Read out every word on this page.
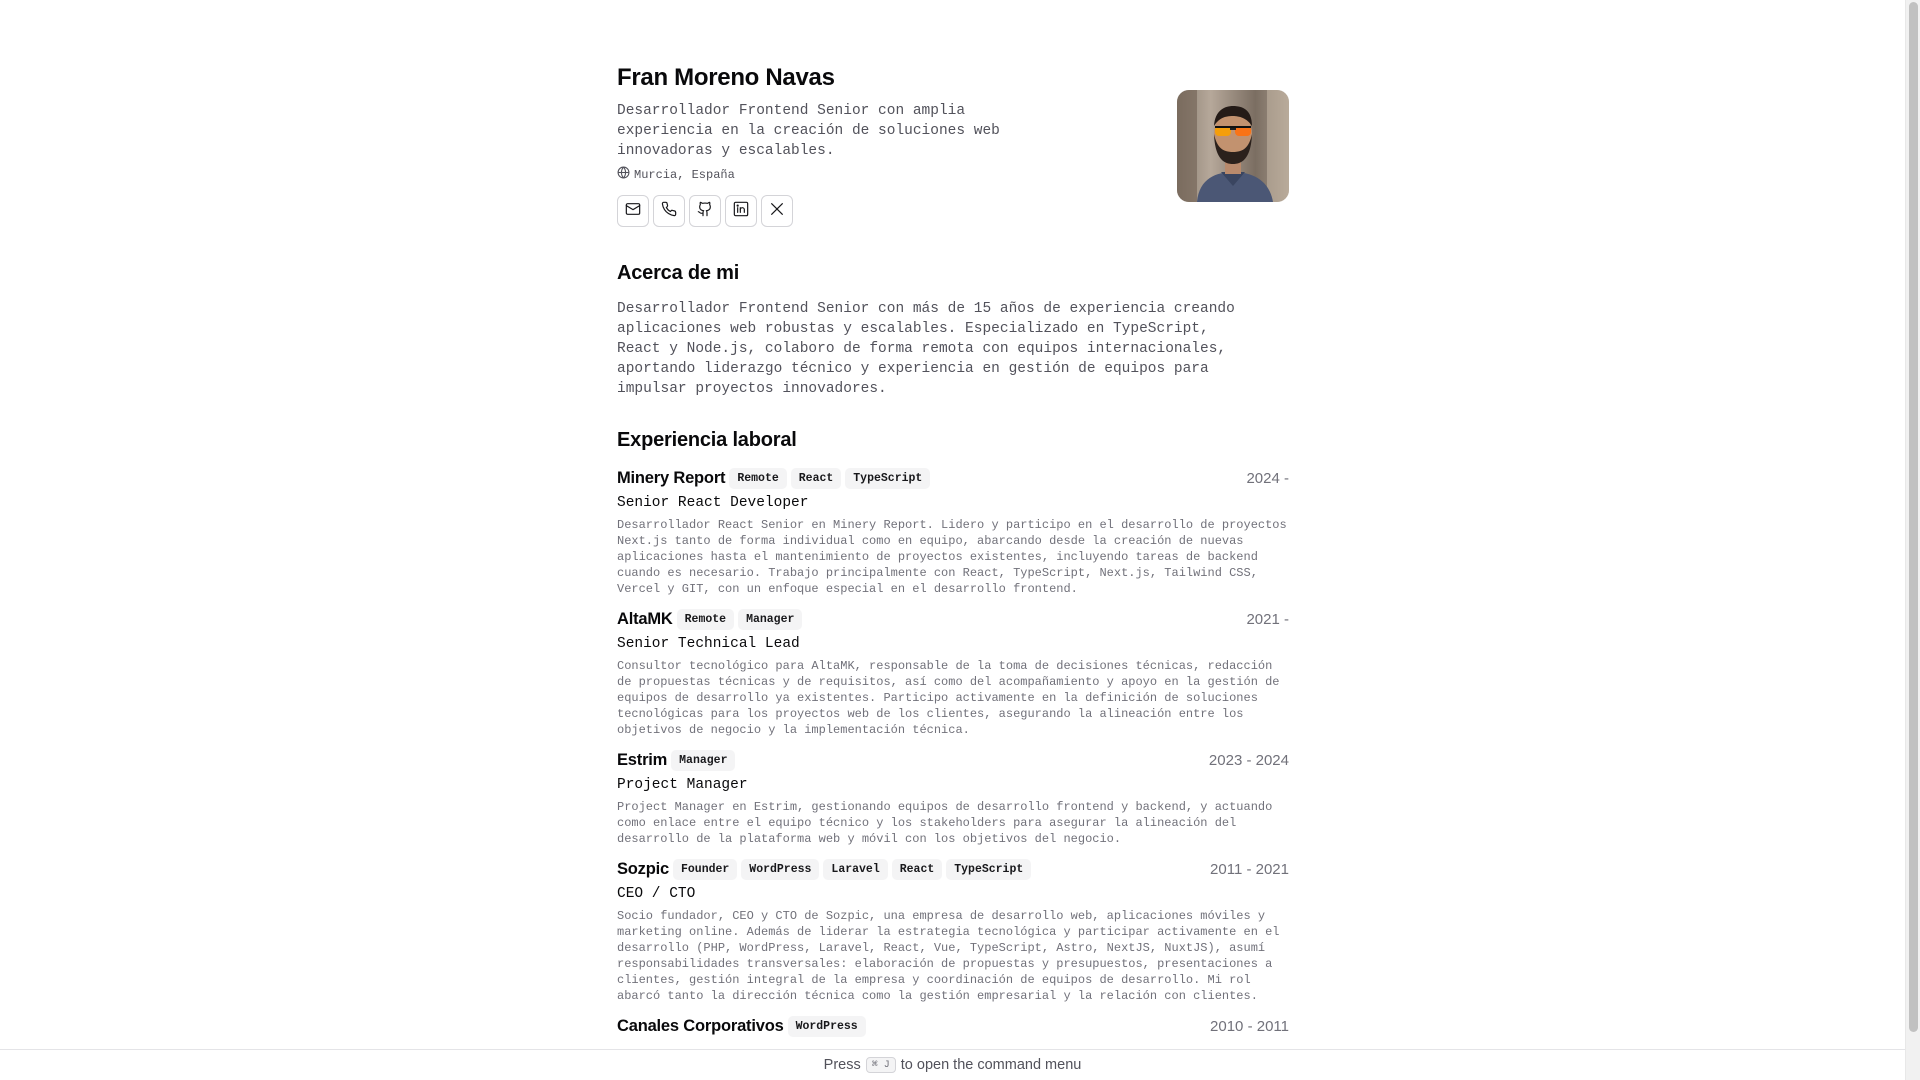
Fran Moreno Navas

Desarrollador Frontend Senior con amplia experiencia en la creación de soluciones web innovadoras y escalables.

Murcia, España
Acerca de mi

Desarrollador Frontend Senior con más de 15 años de experiencia creando aplicaciones web robustas y escalables. Especializado en TypeScript, React y Node.js, colaboro de forma remota con equipos internacionales, aportando liderazgo técnico y experiencia en gestión de equipos para impulsar proyectos innovadores.

Experiencia laboral
Minery Report	Remote	React	TypeScript	2024 -
Senior React Developer

Desarrollador React Senior en Minery Report. Lidero y participo en el desarrollo de proyectos Next.js tanto de forma individual como en equipo, abarcando desde la creación de nuevas aplicaciones hasta el mantenimiento de proyectos existentes, incluyendo tareas de backend cuando es necesario. Trabajo principalmente con React, TypeScript, Next.js, Tailwind CSS, Vercel y GIT, con un enfoque especial en el desarrollo frontend.

AltaMK	Remote	Manager	2021 -
Senior Technical Lead

Consultor tecnológico para AltaMK, responsable de la toma de decisiones técnicas, redacción de propuestas técnicas y de requisitos, así como del acompañamiento y apoyo en la gestión de equipos de desarrollo ya existentes. Participo activamente en la definición de soluciones tecnológicas para los proyectos web de los clientes, asegurando la alineación entre los objetivos de negocio y la implementación técnica.

Estrim	Manager	2023 - 2024
Project Manager

Project Manager en Estrim, gestionando equipos de desarrollo frontend y backend, y actuando como enlace entre el equipo técnico y los stakeholders para asegurar la alineación del desarrollo de la plataforma web y móvil con los objetivos del negocio.

Sozpic	Founder	WordPress	Laravel	React	TypeScript	2011 - 2021
CEO / CTO

Socio fundador, CEO y CTO de Sozpic, una empresa de desarrollo web, aplicaciones móviles y marketing online. Además de liderar la estrategia tecnológica y participar activamente en el desarrollo (PHP, WordPress, Laravel, React, Vue, TypeScript, Astro, NextJS, NuxtJS), asumí responsabilidades transversales: elaboración de propuestas y presupuestos, presentaciones a clientes, gestión integral de la empresa y coordinación de equipos de desarrollo. Mi rol abarcó tanto la dirección técnica como la gestión empresarial y la relación con clientes.

Canales Corporativos	WordPress	2010 - 2011
Press	⌘ J to open the command menu
